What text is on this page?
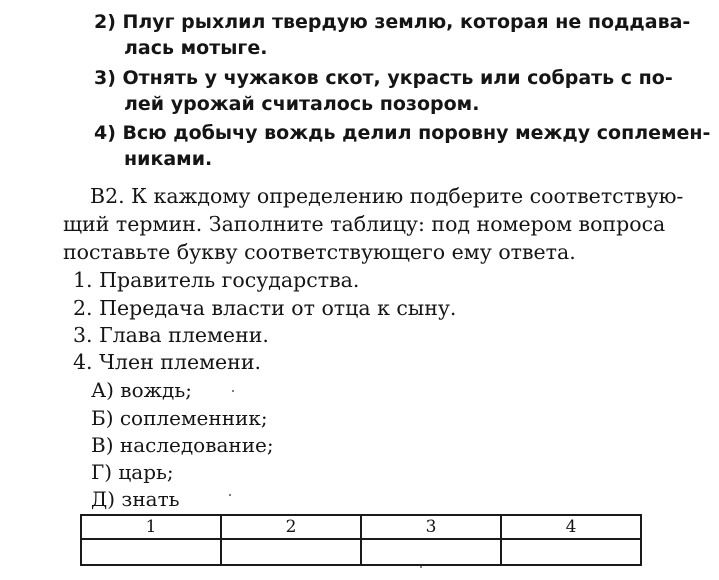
2) Плуг рыхлил твердую землю, которая не поддава-
лась мотыге.
3) Отнять у чужаков скот, украсть или собрать с по-
лей урожай считалось позором.
4) Всю добычу вождь делил поровну между соплемен-
никами.
В2. К каждому определению подберите соответствую-
щий термин. Заполните таблицу: под номером вопроса
поставьте букву соответствующего ему ответа.
1. Правитель государства.
2. Передача власти от отца к сыну.
3. Глава племени.
4. Член племени.
А) вождь;
Б) соплеменник;
В) наследование;
Г) царь;
Д) знать
1	2	3	4
